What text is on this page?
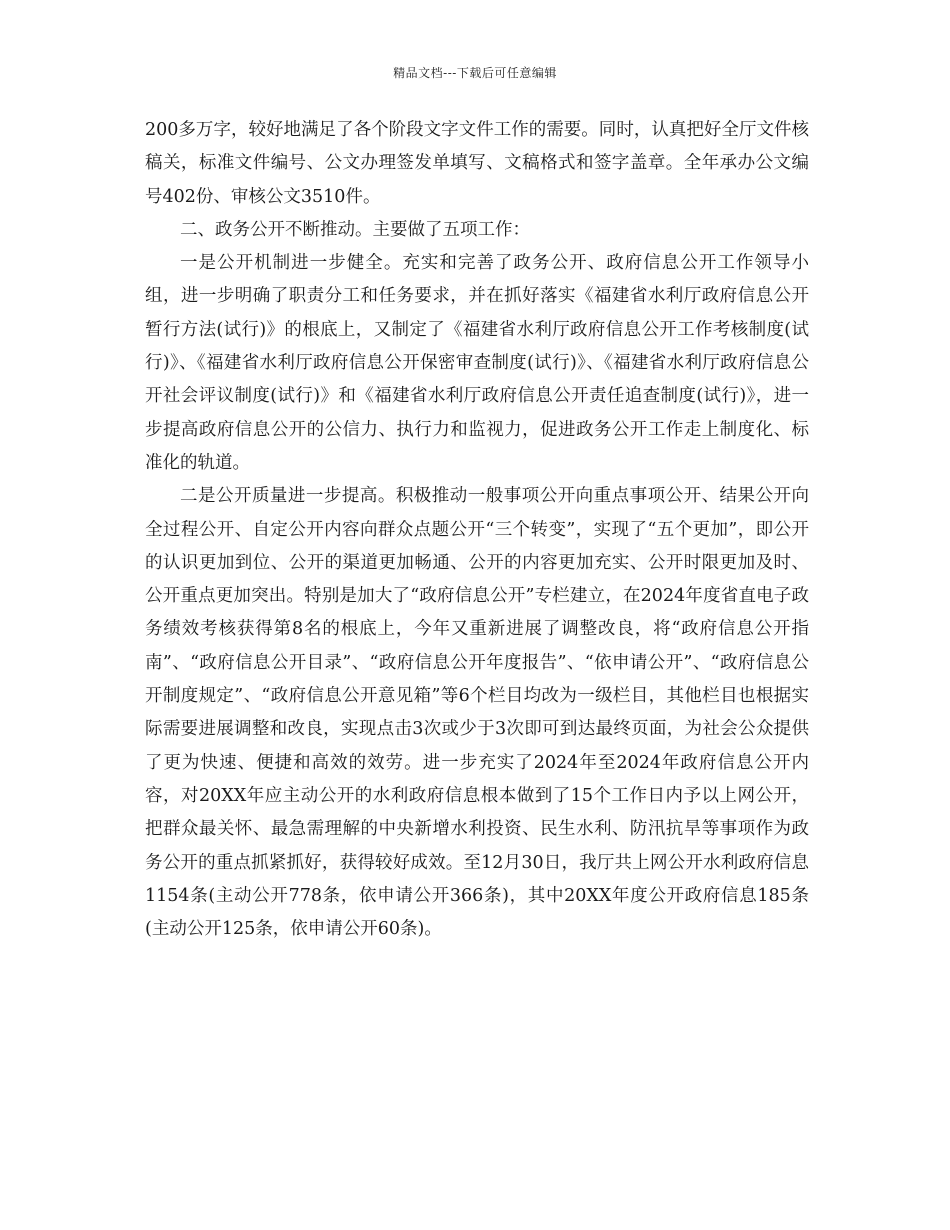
精品文档---下载后可任意编辑

200多万字，较好地满足了各个阶段文字文件工作的需要。同时，认真把好全厅文件核稿关，标准文件编号、公文办理签发单填写、文稿格式和签字盖章。全年承办公文编号402份、审核公文3510件。

二、政务公开不断推动。主要做了五项工作：

一是公开机制进一步健全。充实和完善了政务公开、政府信息公开工作领导小组，进一步明确了职责分工和任务要求，并在抓好落实《福建省水利厅政府信息公开暂行方法(试行)》的根底上，又制定了《福建省水利厅政府信息公开工作考核制度(试行)》、《福建省水利厅政府信息公开保密审查制度(试行)》、《福建省水利厅政府信息公开社会评议制度(试行)》和《福建省水利厅政府信息公开责任追查制度(试行)》，进一步提高政府信息公开的公信力、执行力和监视力，促进政务公开工作走上制度化、标准化的轨道。

二是公开质量进一步提高。积极推动一般事项公开向重点事项公开、结果公开向全过程公开、自定公开内容向群众点题公开“三个转变”，实现了“五个更加”，即公开的认识更加到位、公开的渠道更加畅通、公开的内容更加充实、公开时限更加及时、公开重点更加突出。特别是加大了“政府信息公开”专栏建立，在2024年度省直电子政务绩效考核获得第8名的根底上，今年又重新进展了调整改良，将“政府信息公开指南”、“政府信息公开目录”、“政府信息公开年度报告”、“依申请公开”、“政府信息公开制度规定”、“政府信息公开意见箱”等6个栏目均改为一级栏目，其他栏目也根据实际需要进展调整和改良，实现点击3次或少于3次即可到达最终页面，为社会公众提供了更为快速、便捷和高效的效劳。进一步充实了2024年至2024年政府信息公开内容，对20XX年应主动公开的水利政府信息根本做到了15个工作日内予以上网公开，把群众最关怀、最急需理解的中央新增水利投资、民生水利、防汛抗旱等事项作为政务公开的重点抓紧抓好，获得较好成效。至12月30日，我厅共上网公开水利政府信息1154条(主动公开778条，依申请公开366条)，其中20XX年度公开政府信息185条(主动公开125条，依申请公开60条)。
